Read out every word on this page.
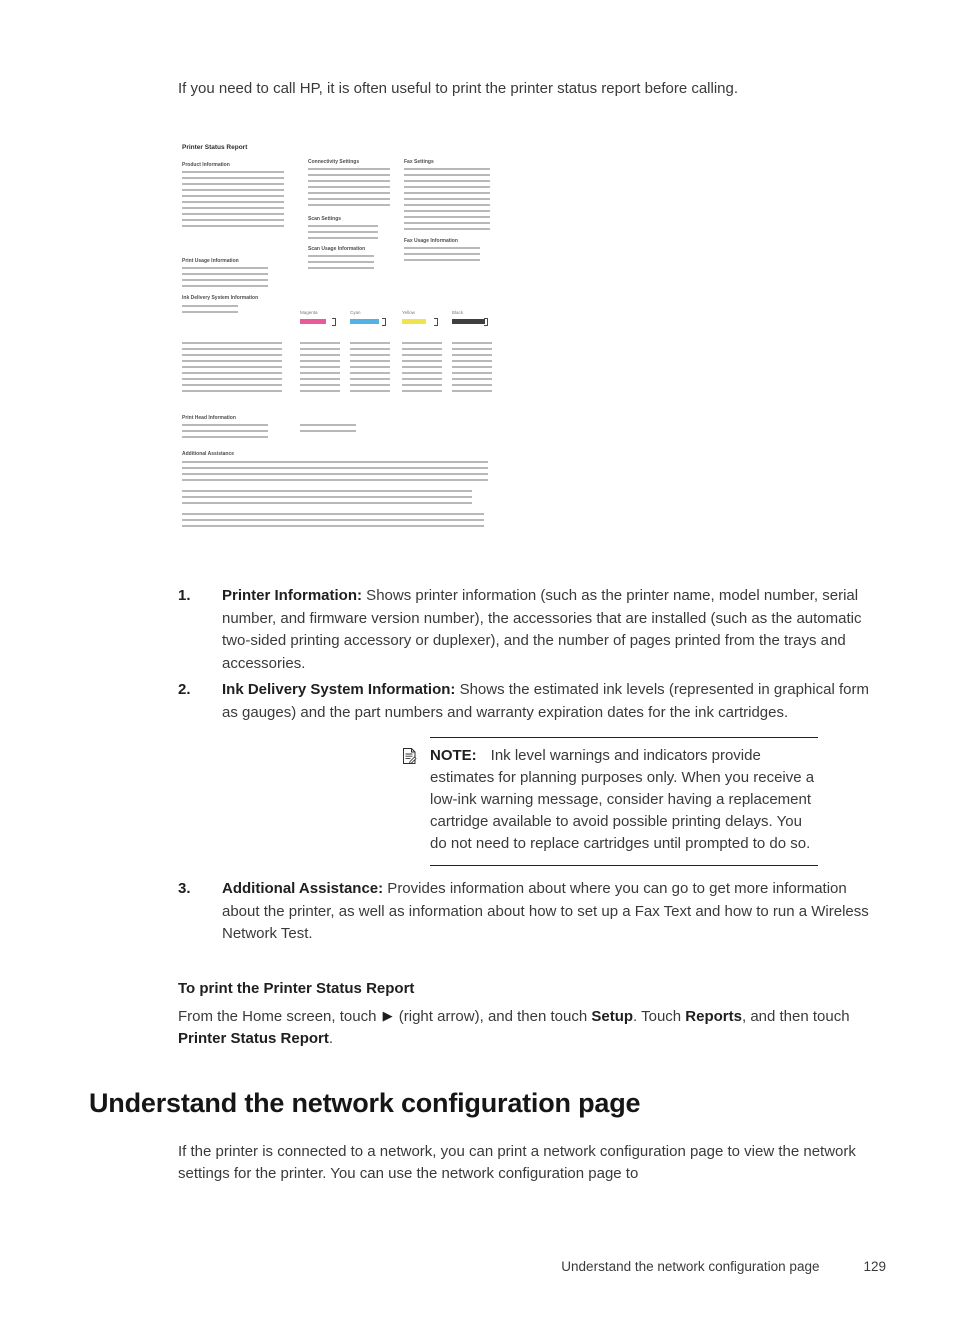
If you need to call HP, it is often useful to print the printer status report before calling.

Printer Status Report
Product Information
Print Usage Information
Ink Delivery System Information
Connectivity Settings
Scan Settings
Scan Usage Information
Fax Settings
Fax Usage Information
Magenta	Cyan	Yellow	Black
Print Head Information
Additional Assistance
1.	Printer Information: Shows printer information (such as the printer name, model number, serial number, and firmware version number), the accessories that are installed (such as the automatic two-sided printing accessory or duplexer), and the number of pages printed from the trays and accessories.
2.	Ink Delivery System Information: Shows the estimated ink levels (represented in graphical form as gauges) and the part numbers and warranty expiration dates for the ink cartridges.

NOTE: Ink level warnings and indicators provide estimates for planning purposes only. When you receive a low-ink warning message, consider having a replacement cartridge available to avoid possible printing delays. You do not need to replace cartridges until prompted to do so.

3.	Additional Assistance: Provides information about where you can go to get more information about the printer, as well as information about how to set up a Fax Text and how to run a Wireless Network Test.

To print the Printer Status Report

From the Home screen, touch ▶ (right arrow), and then touch Setup. Touch Reports, and then touch Printer Status Report.

Understand the network configuration page

If the printer is connected to a network, you can print a network configuration page to view the network settings for the printer. You can use the network configuration page to

Understand the network configuration page	129
